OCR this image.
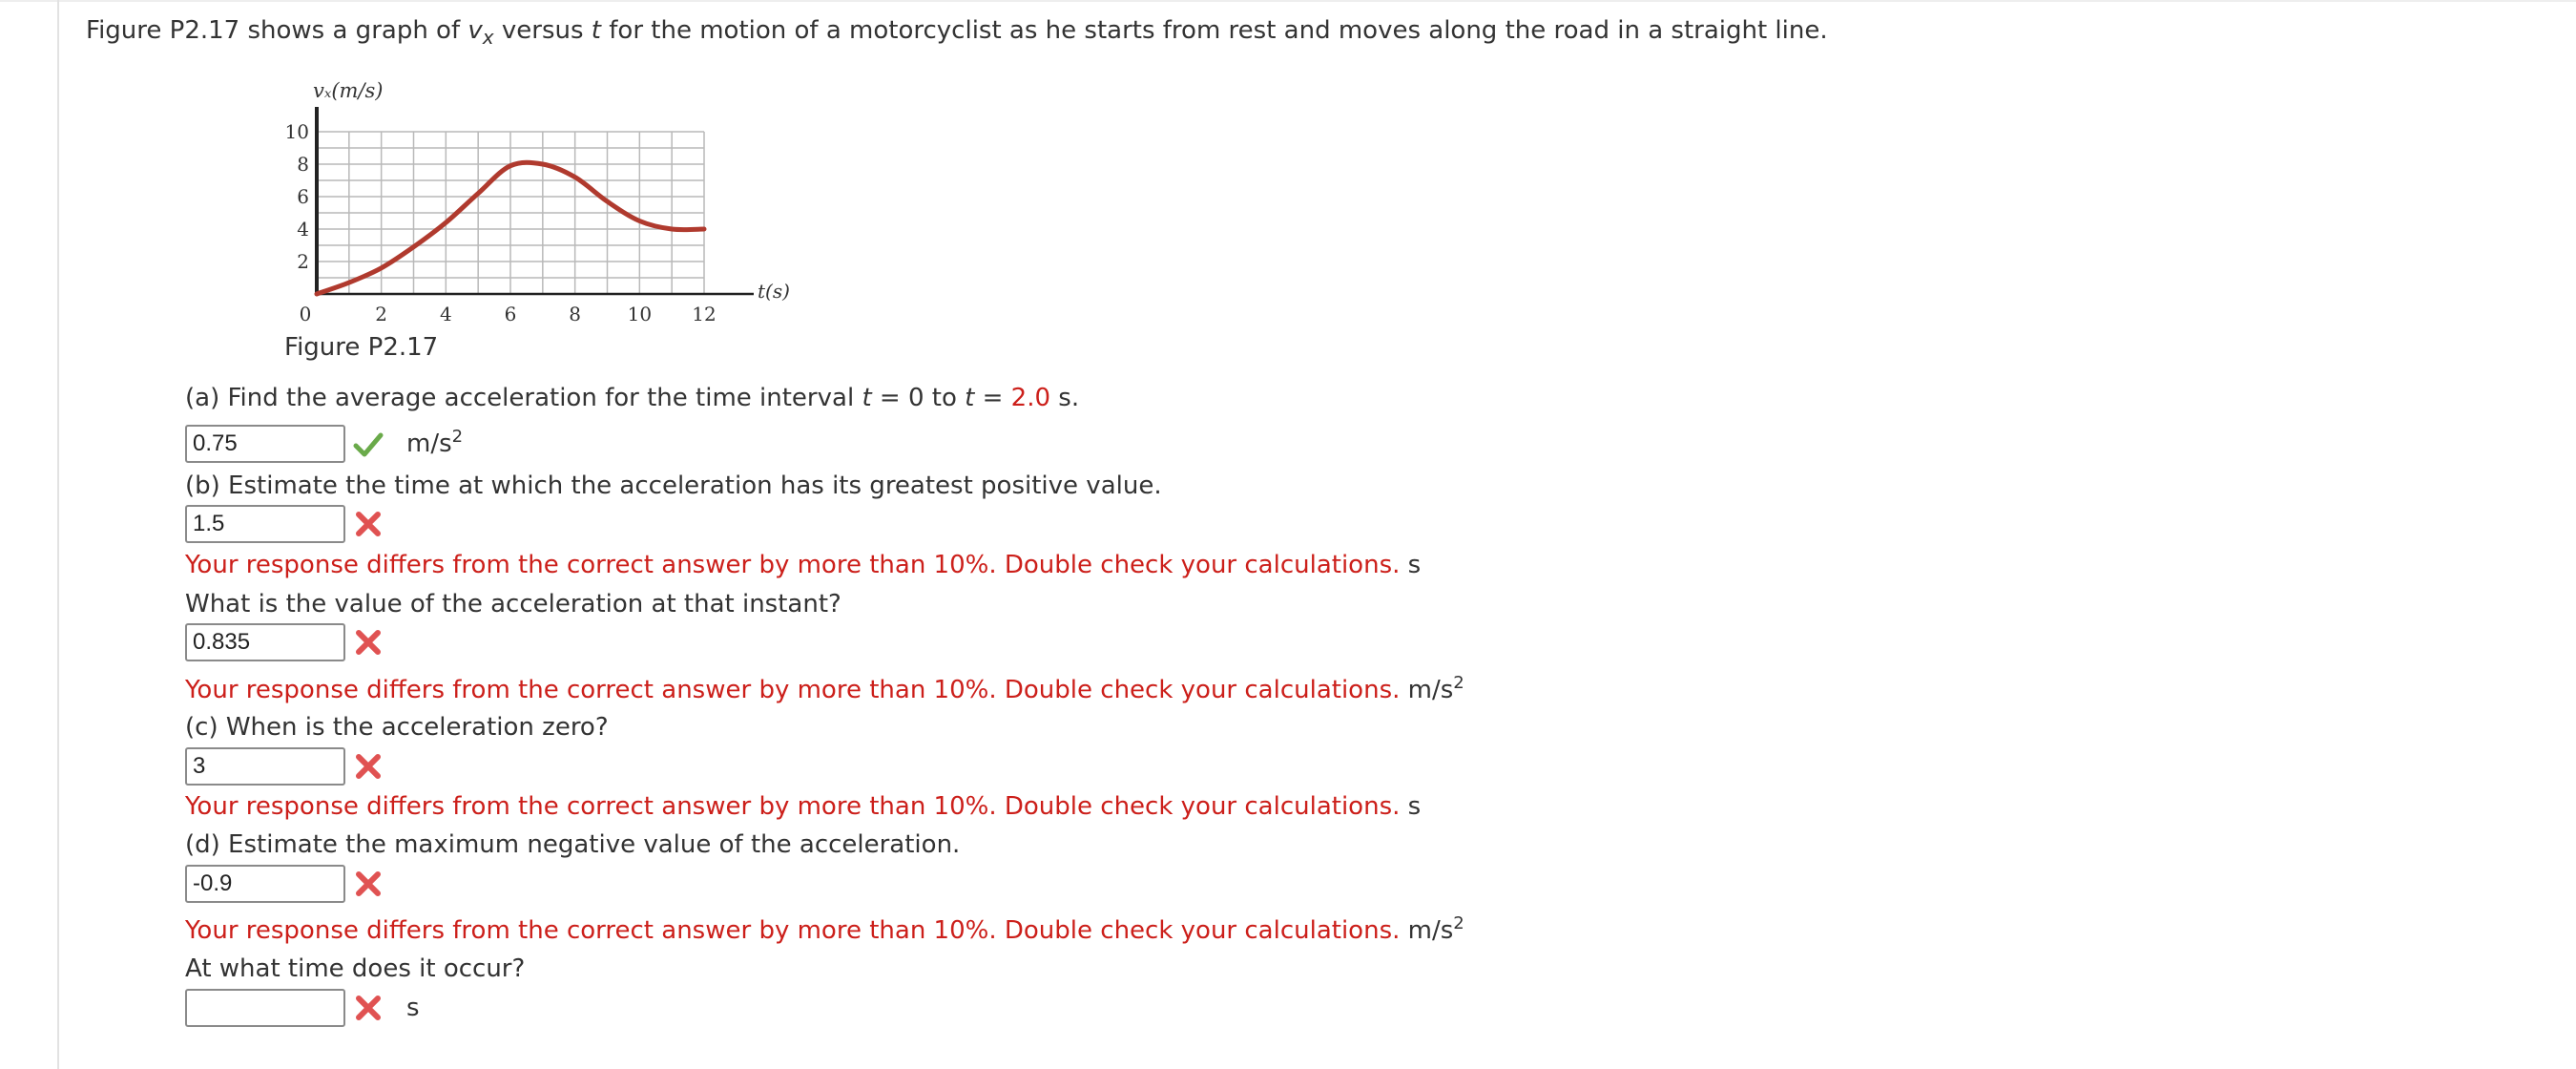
Figure P2.17 shows a graph of $v_x$ versus t for the motion of a motorcyclist as he starts from rest and moves along the road in a straight line.
0	2	4	6	8 10 12
2
4
6
8
10
vₓ(m/s)
t(s)
Figure P2.17
(a) Find the average acceleration for the time interval t = 0 to t = 2.0 s.
0.75
$m/s^2$
(b) Estimate the time at which the acceleration has its greatest positive value.
1.5
Your response differs from the correct answer by more than 10%. Double check your calculations. s
What is the value of the acceleration at that instant?
0.835
Your response differs from the correct answer by more than 10%. Double check your calculations. $m/s^2$
(c) When is the acceleration zero?
3
Your response differs from the correct answer by more than 10%. Double check your calculations. s
(d) Estimate the maximum negative value of the acceleration.
-0.9
Your response differs from the correct answer by more than 10%. Double check your calculations. $m/s^2$
At what time does it occur?
s
